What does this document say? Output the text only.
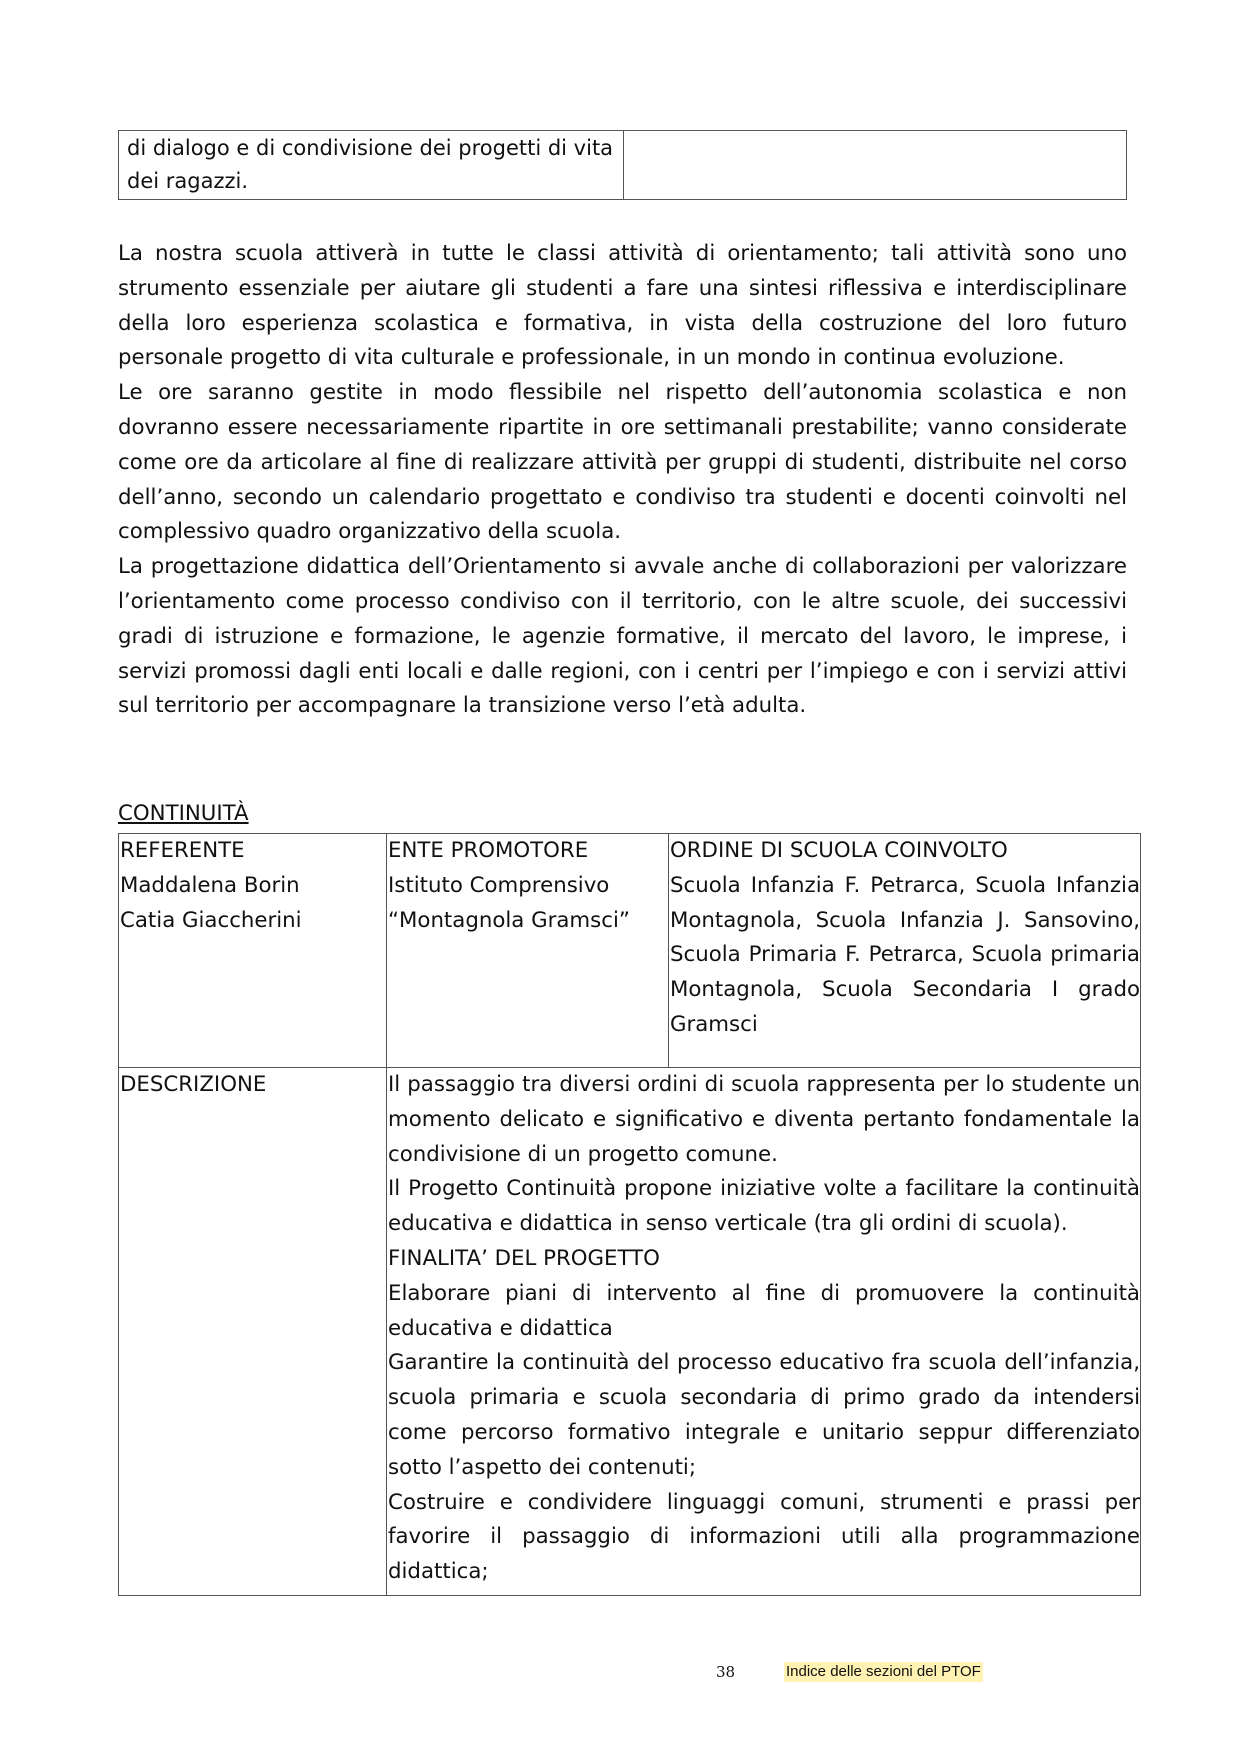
di dialogo e di condivisione dei progetti di vita dei ragazzi.

La nostra scuola attiverà in tutte le classi attività di orientamento; tali attività sono uno strumento essenziale per aiutare gli studenti a fare una sintesi riflessiva e interdisciplinare della loro esperienza scolastica e formativa, in vista della costruzione del loro futuro personale progetto di vita culturale e professionale, in un mondo in continua evoluzione.

Le ore saranno gestite in modo flessibile nel rispetto dell’autonomia scolastica e non dovranno essere necessariamente ripartite in ore settimanali prestabilite; vanno considerate come ore da articolare al fine di realizzare attività per gruppi di studenti, distribuite nel corso dell’anno, secondo un calendario progettato e condiviso tra studenti e docenti coinvolti nel complessivo quadro organizzativo della scuola.

La progettazione didattica dell’Orientamento si avvale anche di collaborazioni per valorizzare l’orientamento come processo condiviso con il territorio, con le altre scuole, dei successivi gradi di istruzione e formazione, le agenzie formative, il mercato del lavoro, le imprese, i servizi promossi dagli enti locali e dalle regioni, con i centri per l’impiego e con i servizi attivi sul territorio per accompagnare la transizione verso l’età adulta.

CONTINUITÀ
REFERENTE
Maddalena Borin
Catia Giaccherini
ENTE PROMOTORE
Istituto Comprensivo
“Montagnola Gramsci”
ORDINE DI SCUOLA COINVOLTO
Scuola Infanzia F. Petrarca, Scuola Infanzia Montagnola, Scuola Infanzia J. Sansovino, Scuola Primaria F. Petrarca, Scuola primaria Montagnola, Scuola Secondaria I grado Gramsci
DESCRIZIONE	Il passaggio tra diversi ordini di scuola rappresenta per lo studente un momento delicato e significativo e diventa pertanto fondamentale la condivisione di un progetto comune.

Il Progetto Continuità propone iniziative volte a facilitare la continuità educativa e didattica in senso verticale (tra gli ordini di scuola).

FINALITA’ DEL PROGETTO

Elaborare piani di intervento al fine di promuovere la continuità educativa e didattica

Garantire la continuità del processo educativo fra scuola dell’infanzia, scuola primaria e scuola secondaria di primo grado da intendersi come percorso formativo integrale e unitario seppur differenziato sotto l’aspetto dei contenuti;

Costruire e condividere linguaggi comuni, strumenti e prassi per favorire il passaggio di informazioni utili alla programmazione didattica;

38	Indice delle sezioni del PTOF
